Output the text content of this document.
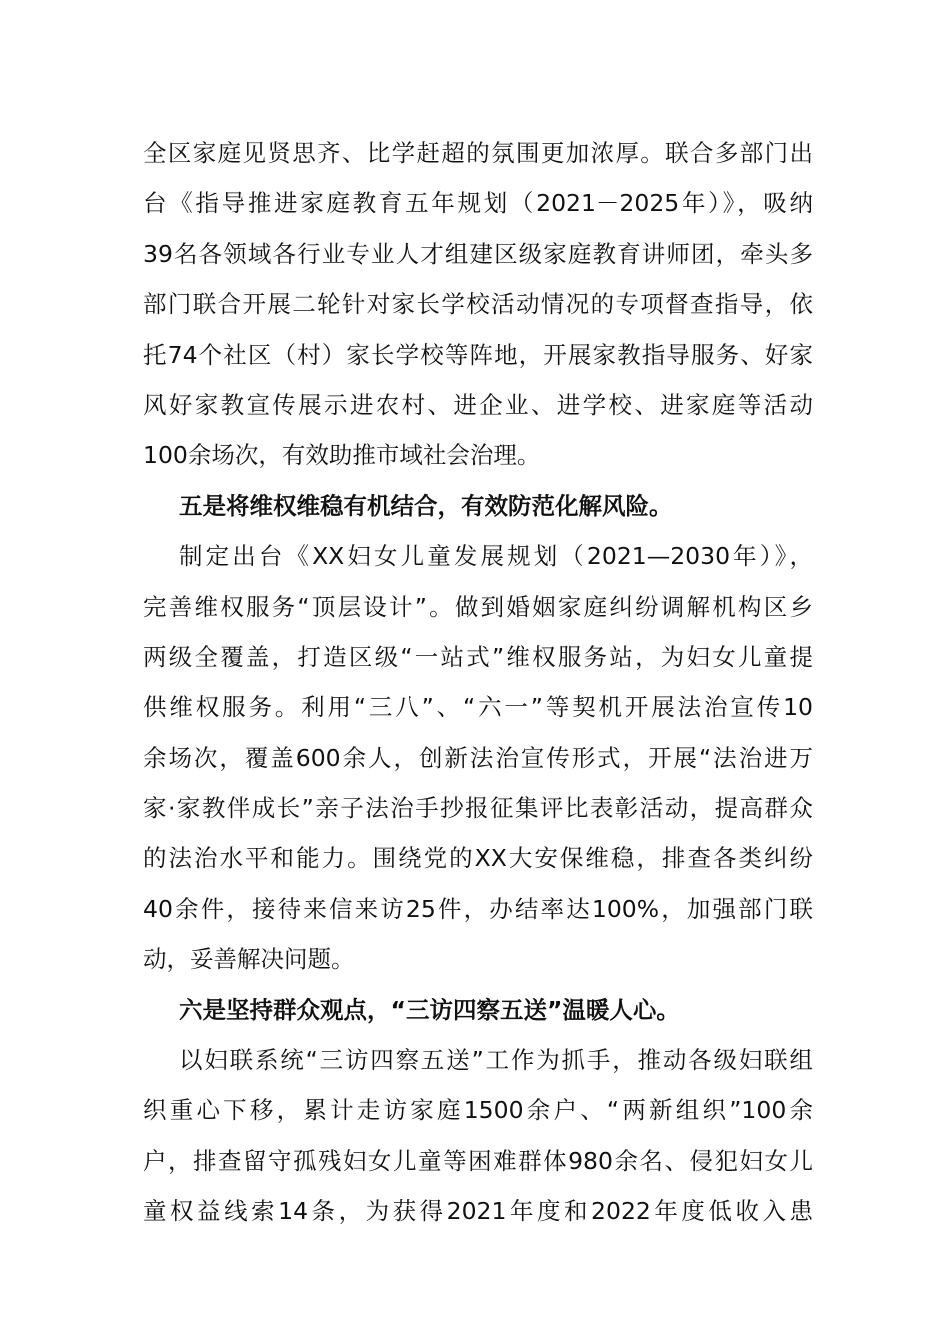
全区家庭见贤思齐、比学赶超的氛围更加浓厚。联合多部门出
台《指导推进家庭教育五年规划（2021－2025年）》，吸纳
39名各领域各行业专业人才组建区级家庭教育讲师团，牵头多
部门联合开展二轮针对家长学校活动情况的专项督查指导，依
托74个社区（村）家长学校等阵地，开展家教指导服务、好家
风好家教宣传展示进农村、进企业、进学校、进家庭等活动
100余场次，有效助推市域社会治理。
五是将维权维稳有机结合，有效防范化解风险。
制定出台《XX妇女儿童发展规划（2021—2030年）》，
完善维权服务“顶层设计”。做到婚姻家庭纠纷调解机构区乡
两级全覆盖，打造区级“一站式”维权服务站，为妇女儿童提
供维权服务。利用“三八”、“六一”等契机开展法治宣传10
余场次，覆盖600余人，创新法治宣传形式，开展“法治进万
家·家教伴成长”亲子法治手抄报征集评比表彰活动，提高群众
的法治水平和能力。围绕党的XX大安保维稳，排查各类纠纷
40余件，接待来信来访25件，办结率达100%，加强部门联
动，妥善解决问题。
六是坚持群众观点，“三访四察五送”温暖人心。
以妇联系统“三访四察五送”工作为抓手，推动各级妇联组
织重心下移，累计走访家庭1500余户、“两新组织”100余
户，排查留守孤残妇女儿童等困难群体980余名、侵犯妇女儿
童权益线索14条，为获得2021年度和2022年度低收入患
